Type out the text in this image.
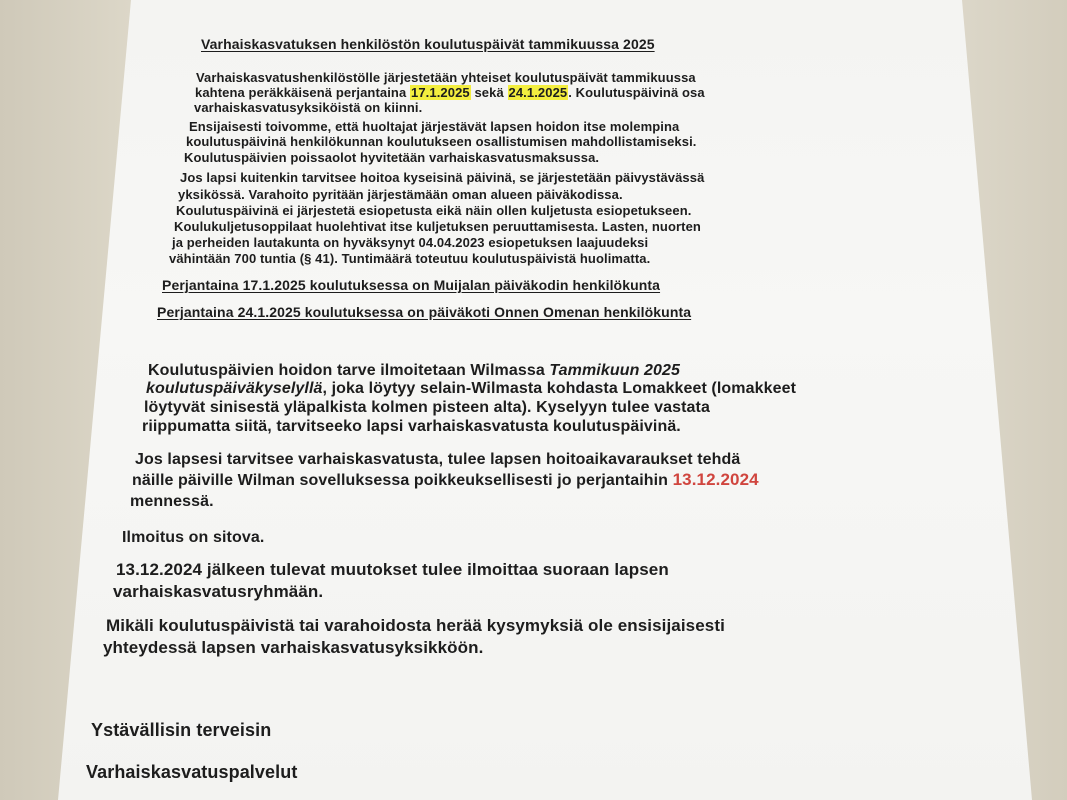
Varhaiskasvatuksen henkilöstön koulutuspäivät tammikuussa 2025

Varhaiskasvatushenkilöstölle järjestetään yhteiset koulutuspäivät tammikuussa

kahtena peräkkäisenä perjantaina 17.1.2025 sekä 24.1.2025. Koulutuspäivinä osa

varhaiskasvatusyksiköistä on kiinni.

Ensijaisesti toivomme, että huoltajat järjestävät lapsen hoidon itse molempina

koulutuspäivinä henkilökunnan koulutukseen osallistumisen mahdollistamiseksi.

Koulutuspäivien poissaolot hyvitetään varhaiskasvatusmaksussa.

Jos lapsi kuitenkin tarvitsee hoitoa kyseisinä päivinä, se järjestetään päivystävässä

yksikössä. Varahoito pyritään järjestämään oman alueen päiväkodissa.

Koulutuspäivinä ei järjestetä esiopetusta eikä näin ollen kuljetusta esiopetukseen.

Koulukuljetusoppilaat huolehtivat itse kuljetuksen peruuttamisesta. Lasten, nuorten

ja perheiden lautakunta on hyväksynyt 04.04.2023 esiopetuksen laajuudeksi

vähintään 700 tuntia (§ 41). Tuntimäärä toteutuu koulutuspäivistä huolimatta.

Perjantaina 17.1.2025 koulutuksessa on Muijalan päiväkodin henkilökunta

Perjantaina 24.1.2025 koulutuksessa on päiväkoti Onnen Omenan henkilökunta

Koulutuspäivien hoidon tarve ilmoitetaan Wilmassa Tammikuun 2025

koulutuspäiväkyselyllä, joka löytyy selain-Wilmasta kohdasta Lomakkeet (lomakkeet

löytyvät sinisestä yläpalkista kolmen pisteen alta). Kyselyyn tulee vastata

riippumatta siitä, tarvitseeko lapsi varhaiskasvatusta koulutuspäivinä.

Jos lapsesi tarvitsee varhaiskasvatusta, tulee lapsen hoitoaikavaraukset tehdä

näille päiville Wilman sovelluksessa poikkeuksellisesti jo perjantaihin 13.12.2024

mennessä.

Ilmoitus on sitova.

13.12.2024 jälkeen tulevat muutokset tulee ilmoittaa suoraan lapsen

varhaiskasvatusryhmään.

Mikäli koulutuspäivistä tai varahoidosta herää kysymyksiä ole ensisijaisesti

yhteydessä lapsen varhaiskasvatusyksikköön.

Ystävällisin terveisin

Varhaiskasvatuspalvelut
